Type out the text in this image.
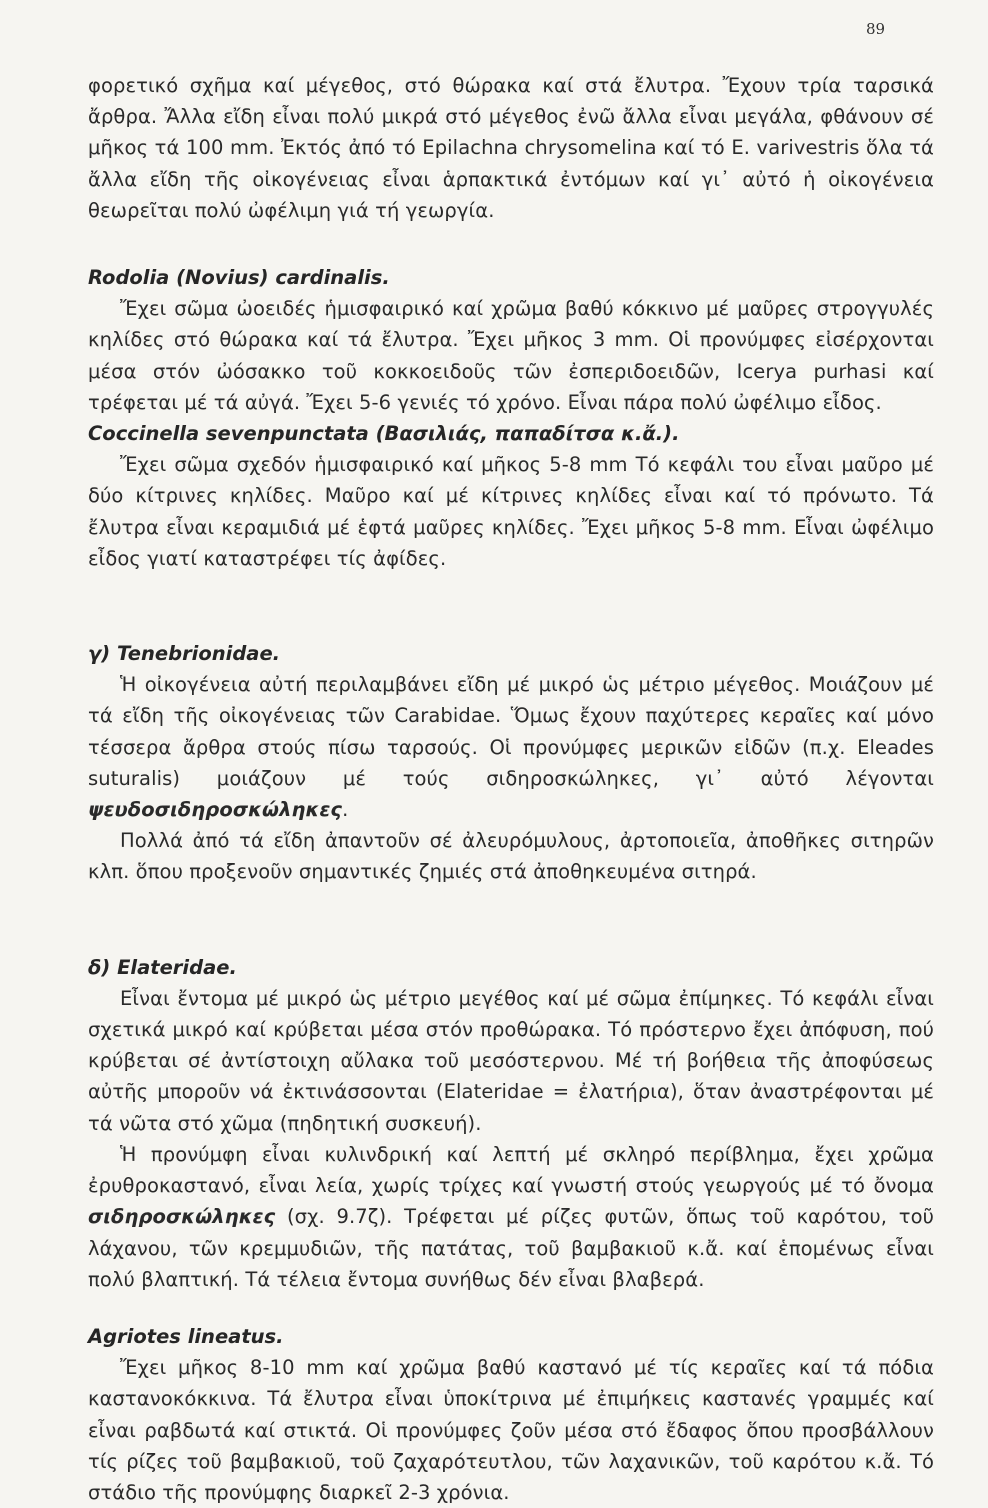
89

φορετικό σχῆμα καί μέγεθος, στό θώρακα καί στά ἔλυτρα. Ἔχουν τρία ταρσικά ἄρθρα. Ἄλλα εἴδη εἶναι πολύ μικρά στό μέγεθος ἐνῶ ἄλλα εἶναι μεγάλα, φθάνουν σέ μῆκος τά 100 mm. Ἐκτός ἀπό τό Epilachna chrysomelina καί τό E. varivestris ὅλα τά ἄλλα εἴδη τῆς οἰκογένειας εἶναι ἁρπακτικά ἐντόμων καί γι᾽ αὐτό ἡ οἰκογένεια θεωρεῖται πολύ ὠφέλιμη γιά τή γεωργία.

Rodolia (Novius) cardinalis.

Ἔχει σῶμα ὠοειδές ἡμισφαιρικό καί χρῶμα βαθύ κόκκινο μέ μαῦρες στρογγυλές κηλίδες στό θώρακα καί τά ἔλυτρα. Ἔχει μῆκος 3 mm. Οἱ προνύμφες εἰσέρχονται μέσα στόν ὠόσακκο τοῦ κοκκοειδοῦς τῶν ἐσπεριδοειδῶν, Icerya purhasi καί τρέφεται μέ τά αὐγά. Ἔχει 5-6 γενιές τό χρόνο. Εἶναι πάρα πολύ ὠφέλιμο εἶδος.

Coccinella sevenpunctata (Βασιλιάς, παπαδίτσα κ.ἄ.).

Ἔχει σῶμα σχεδόν ἡμισφαιρικό καί μῆκος 5-8 mm Τό κεφάλι του εἶναι μαῦρο μέ δύο κίτρινες κηλίδες. Μαῦρο καί μέ κίτρινες κηλίδες εἶναι καί τό πρόνωτο. Τά ἔλυτρα εἶναι κεραμιδιά μέ ἑφτά μαῦρες κηλίδες. Ἔχει μῆκος 5-8 mm. Εἶναι ὠφέλιμο εἶδος γιατί καταστρέφει τίς ἀφίδες.

γ) Tenebrionidae.

Ἡ οἰκογένεια αὐτή περιλαμβάνει εἴδη μέ μικρό ὡς μέτριο μέγεθος. Μοιάζουν μέ τά εἴδη τῆς οἰκογένειας τῶν Carabidae. Ὅμως ἔχουν παχύτερες κεραῖες καί μόνο τέσσερα ἄρθρα στούς πίσω ταρσούς. Οἱ προνύμφες μερικῶν εἰδῶν (π.χ. Eleades suturalis) μοιάζουν μέ τούς σιδηροσκώληκες, γι᾽ αὐτό λέγονται ψευδοσιδηροσκώληκες.

Πολλά ἀπό τά εἴδη ἀπαντοῦν σέ ἀλευρόμυλους, ἀρτοποιεῖα, ἀποθῆκες σιτηρῶν κλπ. ὅπου προξενοῦν σημαντικές ζημιές στά ἀποθηκευμένα σιτηρά.

δ) Elateridae.

Εἶναι ἔντομα μέ μικρό ὡς μέτριο μεγέθος καί μέ σῶμα ἐπίμηκες. Τό κεφάλι εἶναι σχετικά μικρό καί κρύβεται μέσα στόν προθώρακα. Τό πρόστερνο ἔχει ἀπόφυση, πού κρύβεται σέ ἀντίστοιχη αὔλακα τοῦ μεσόστερνου. Μέ τή βοήθεια τῆς ἀποφύσεως αὐτῆς μποροῦν νά ἐκτινάσσονται (Elateridae = ἐλατήρια), ὅταν ἀναστρέφονται μέ τά νῶτα στό χῶμα (πηδητική συσκευή).

Ἡ προνύμφη εἶναι κυλινδρική καί λεπτή μέ σκληρό περίβλημα, ἔχει χρῶμα ἐρυθροκαστανό, εἶναι λεία, χωρίς τρίχες καί γνωστή στούς γεωργούς μέ τό ὄνομα σιδηροσκώληκες (σχ. 9.7ζ). Τρέφεται μέ ρίζες φυτῶν, ὅπως τοῦ καρότου, τοῦ λάχανου, τῶν κρεμμυδιῶν, τῆς πατάτας, τοῦ βαμβακιοῦ κ.ἄ. καί ἑπομένως εἶναι πολύ βλαπτική. Τά τέλεια ἔντομα συνήθως δέν εἶναι βλαβερά.

Agriotes lineatus.

Ἔχει μῆκος 8-10 mm καί χρῶμα βαθύ καστανό μέ τίς κεραῖες καί τά πόδια καστανοκόκκινα. Τά ἔλυτρα εἶναι ὑποκίτρινα μέ ἐπιμήκεις καστανές γραμμές καί εἶναι ραβδωτά καί στικτά. Οἱ προνύμφες ζοῦν μέσα στό ἔδαφος ὅπου προσβάλλουν τίς ρίζες τοῦ βαμβακιοῦ, τοῦ ζαχαρότευτλου, τῶν λαχανικῶν, τοῦ καρότου κ.ἄ. Τό στάδιο τῆς προνύμφης διαρκεῖ 2-3 χρόνια.
